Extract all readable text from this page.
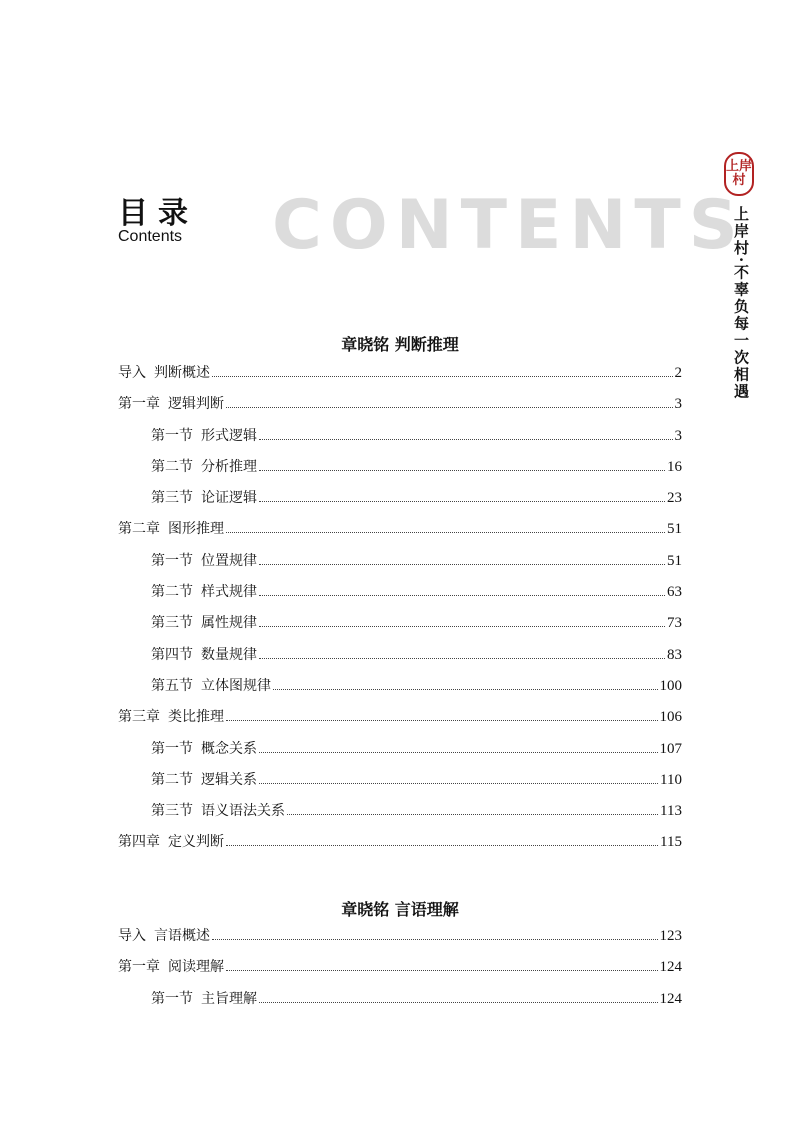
目录
Contents CONTENTS
上岸村
上岸村·不辜负每一次相遇
章晓铭 判断推理
导入 判断概述	2
第一章 逻辑判断	3
第一节 形式逻辑	3
第二节 分析推理	16
第三节 论证逻辑	23
第二章 图形推理	51
第一节 位置规律	51
第二节 样式规律	63
第三节 属性规律	73
第四节 数量规律	83
第五节 立体图规律	100
第三章 类比推理	106
第一节 概念关系	107
第二节 逻辑关系	110
第三节 语义语法关系	113
第四章 定义判断	115
章晓铭 言语理解
导入 言语概述	123
第一章 阅读理解	124
第一节 主旨理解	124
